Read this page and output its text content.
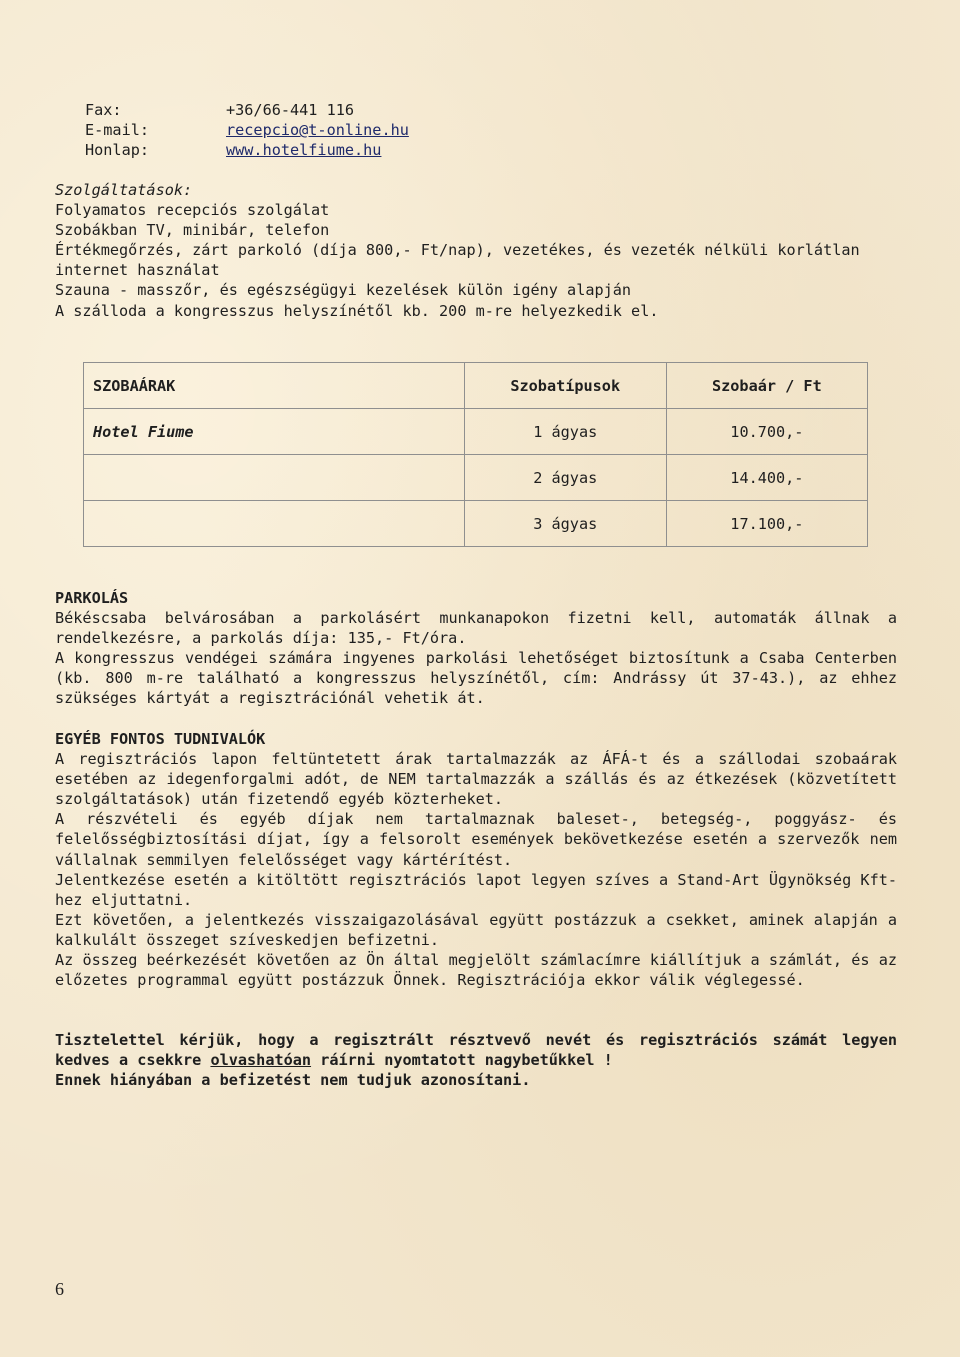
Fax:	+36/66-441 116
E-mail:	recepcio@t-online.hu
Honlap:	www.hotelfiume.hu

Szolgáltatások:

Folyamatos recepciós szolgálat

Szobákban TV, minibár, telefon

Értékmegőrzés, zárt parkoló (díja 800,- Ft/nap), vezetékes, és vezeték nélküli korlátlan internet használat

Szauna - masszőr, és egészségügyi kezelések külön igény alapján

A szálloda a kongresszus helyszínétől kb. 200 m-re helyezkedik el.

SZOBAÁRAK	Szobatípusok	Szobaár / Ft
Hotel Fiume	1 ágyas	10.700,-
	2 ágyas	14.400,-
	3 ágyas	17.100,-

PARKOLÁS

Békéscsaba belvárosában a parkolásért munkanapokon fizetni kell, automaták állnak a rendelkezésre, a parkolás díja: 135,- Ft/óra.

A kongresszus vendégei számára ingyenes parkolási lehetőséget biztosítunk a Csaba Centerben (kb. 800 m-re található a kongresszus helyszínétől, cím: Andrássy út 37-43.), az ehhez szükséges kártyát a regisztrációnál vehetik át.

EGYÉB FONTOS TUDNIVALÓK

A regisztrációs lapon feltüntetett árak tartalmazzák az ÁFÁ-t és a szállodai szobaárak esetében az idegenforgalmi adót, de NEM tartalmazzák a szállás és az étkezések (közvetített szolgáltatások) után fizetendő egyéb közterheket.

A részvételi és egyéb díjak nem tartalmaznak baleset-, betegség-, poggyász- és felelősségbiztosítási díjat, így a felsorolt események bekövetkezése esetén a szervezők nem vállalnak semmilyen felelősséget vagy kártérítést.

Jelentkezése esetén a kitöltött regisztrációs lapot legyen szíves a Stand-Art Ügynökség Kft-hez eljuttatni.

Ezt követően, a jelentkezés visszaigazolásával együtt postázzuk a csekket, aminek alapján a kalkulált összeget szíveskedjen befizetni.

Az összeg beérkezését követően az Ön által megjelölt számlacímre kiállítjuk a számlát, és az előzetes programmal együtt postázzuk Önnek. Regisztrációja ekkor válik véglegessé.

Tisztelettel kérjük, hogy a regisztrált résztvevő nevét és regisztrációs számát legyen kedves a csekkre olvashatóan ráírni nyomtatott nagybetűkkel !

Ennek hiányában a befizetést nem tudjuk azonosítani.

6
